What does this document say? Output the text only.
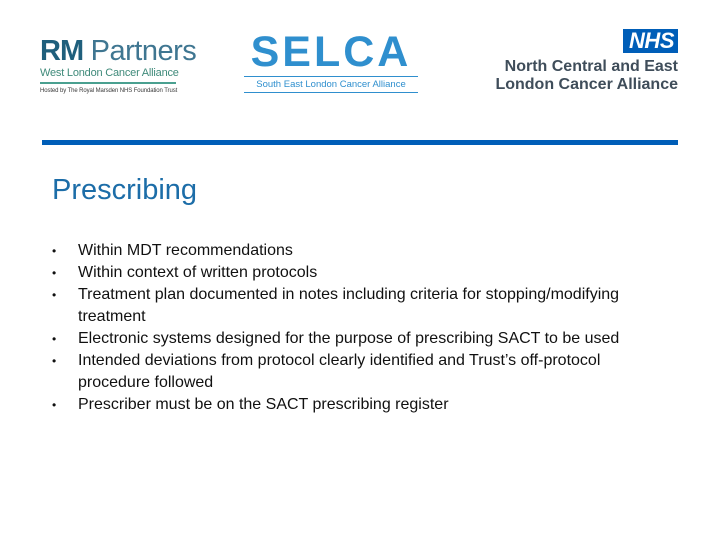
RM Partners
West London Cancer Alliance
Hosted by The Royal Marsden NHS Foundation Trust
SELCA
South East London Cancer Alliance
NHS
North Central and East
London Cancer Alliance
Prescribing
• Within MDT recommendations
• Within context of written protocols
• Treatment plan documented in notes including criteria for stopping/modifying treatment
• Electronic systems designed for the purpose of prescribing SACT to be used
• Intended deviations from protocol clearly identified and Trust’s off-protocol procedure followed
• Prescriber must be on the SACT prescribing register
